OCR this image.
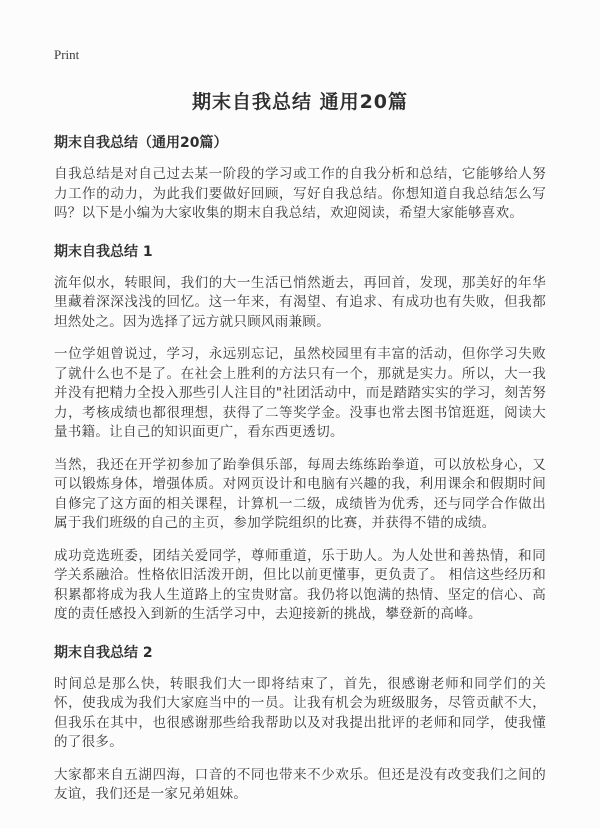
Print
期末自我总结 通用20篇
期末自我总结（通用20篇）

自我总结是对自己过去某一阶段的学习或工作的自我分析和总结，它能够给人努力工作的动力，为此我们要做好回顾，写好自我总结。你想知道自我总结怎么写吗？以下是小编为大家收集的期末自我总结，欢迎阅读，希望大家能够喜欢。

期末自我总结 1

流年似水，转眼间，我们的大一生活已悄然逝去，再回首，发现，那美好的年华里藏着深深浅浅的回忆。这一年来，有渴望、有追求、有成功也有失败，但我都坦然处之。因为选择了远方就只顾风雨兼顾。

一位学姐曾说过，学习，永远别忘记，虽然校园里有丰富的活动，但你学习失败了就什么也不是了。在社会上胜利的方法只有一个，那就是实力。所以，大一我并没有把精力全投入那些引人注目的"社团活动中，而是踏踏实实的学习，刻苦努力，考核成绩也都很理想，获得了二等奖学金。没事也常去图书馆逛逛，阅读大量书籍。让自己的知识面更广，看东西更透切。

当然，我还在开学初参加了跆拳俱乐部，每周去练练跆拳道，可以放松身心，又可以锻炼身体，增强体质。对网页设计和电脑有兴趣的我，利用课余和假期时间自修完了这方面的相关课程，计算机一二级，成绩皆为优秀，还与同学合作做出属于我们班级的自己的主页，参加学院组织的比赛，并获得不错的成绩。

成功竞选班委，团结关爱同学，尊师重道，乐于助人。为人处世和善热情，和同学关系融洽。性格依旧活泼开朗，但比以前更懂事，更负责了。 相信这些经历和积累都将成为我人生道路上的宝贵财富。我仍将以饱满的热情、坚定的信心、高度的责任感投入到新的生活学习中，去迎接新的挑战，攀登新的高峰。

期末自我总结 2

时间总是那么快，转眼我们大一即将结束了，首先，很感谢老师和同学们的关怀，使我成为我们大家庭当中的一员。让我有机会为班级服务，尽管贡献不大，但我乐在其中，也很感谢那些给我帮助以及对我提出批评的老师和同学，使我懂的了很多。

大家都来自五湖四海，口音的不同也带来不少欢乐。但还是没有改变我们之间的友谊，我们还是一家兄弟姐妹。
